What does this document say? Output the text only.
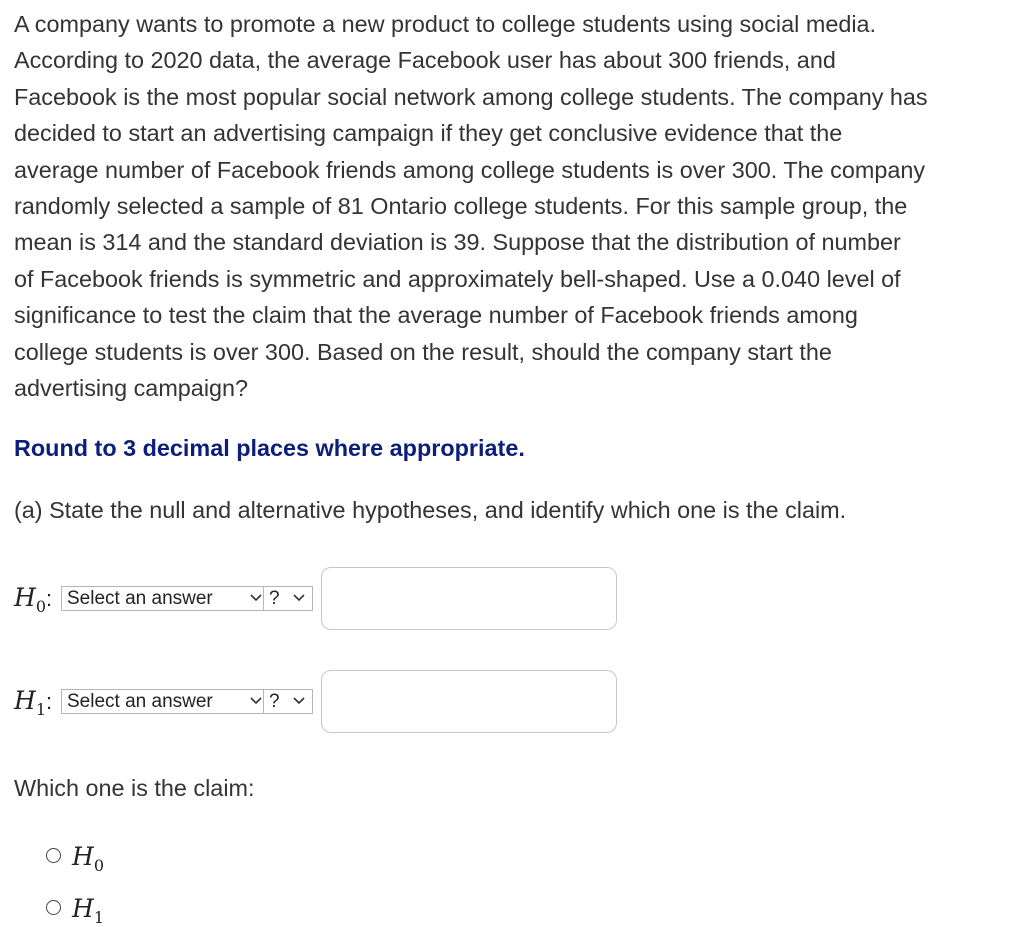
A company wants to promote a new product to college students using social media.
According to 2020 data, the average Facebook user has about 300 friends, and
Facebook is the most popular social network among college students. The company has
decided to start an advertising campaign if they get conclusive evidence that the
average number of Facebook friends among college students is over 300. The company
randomly selected a sample of 81 Ontario college students. For this sample group, the
mean is 314 and the standard deviation is 39. Suppose that the distribution of number
of Facebook friends is symmetric and approximately bell-shaped. Use a 0.040 level of
significance to test the claim that the average number of Facebook friends among
college students is over 300. Based on the result, should the company start the
advertising campaign?

Round to 3 decimal places where appropriate.

(a) State the null and alternative hypotheses, and identify which one is the claim.

$H_0$: Select an answer	?
$H_1$: Select an answer	?

Which one is the claim:

$H_0$
$H_1$
